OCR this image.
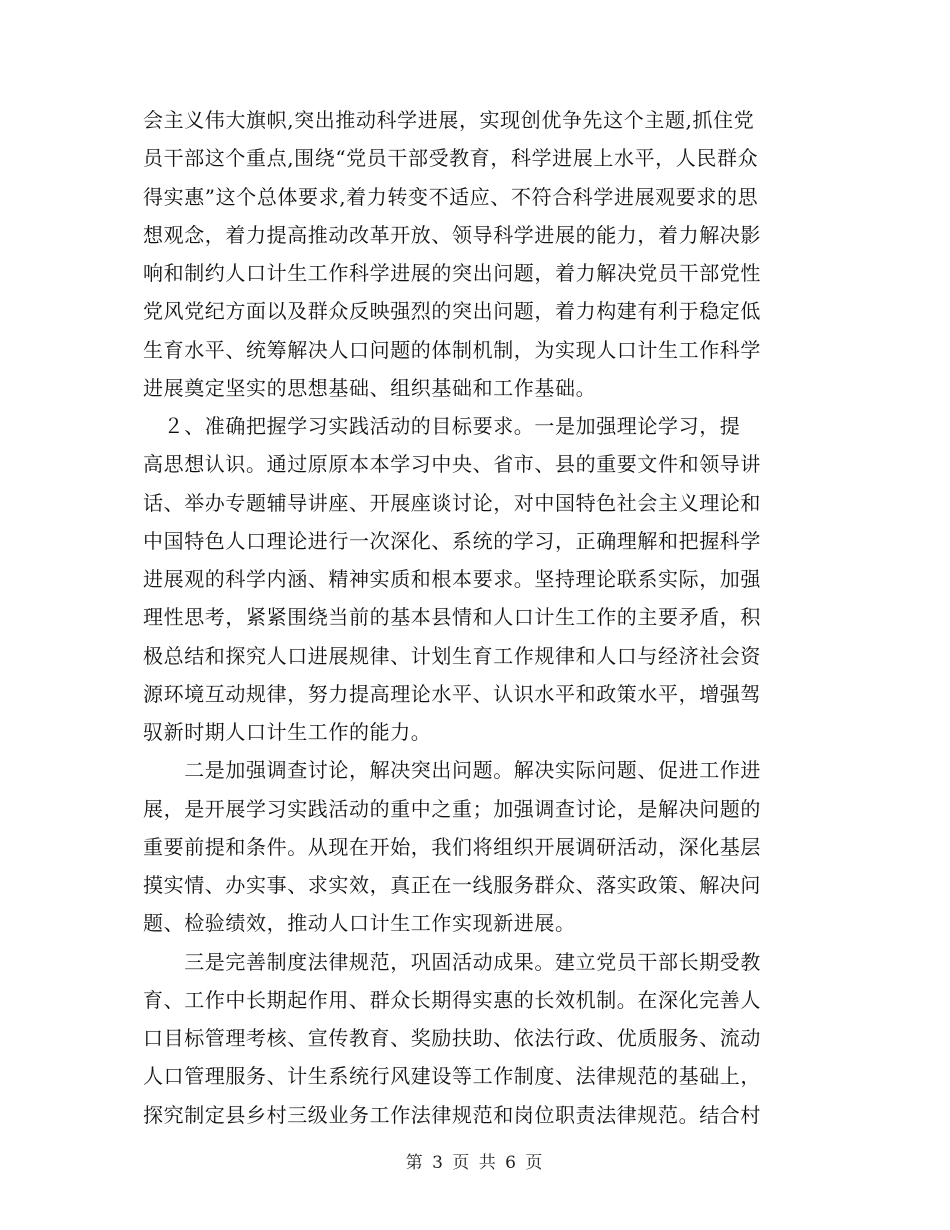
会主义伟大旗帜,突出推动科学进展，实现创优争先这个主题,抓住党
员干部这个重点,围绕“党员干部受教育，科学进展上水平，人民群众
得实惠”这个总体要求,着力转变不适应、不符合科学进展观要求的思
想观念，着力提高推动改革开放、领导科学进展的能力，着力解决影
响和制约人口计生工作科学进展的突出问题，着力解决党员干部党性
党风党纪方面以及群众反映强烈的突出问题，着力构建有利于稳定低
生育水平、统筹解决人口问题的体制机制，为实现人口计生工作科学
进展奠定坚实的思想基础、组织基础和工作基础。
　２、准确把握学习实践活动的目标要求。一是加强理论学习，提
高思想认识。通过原原本本学习中央、省市、县的重要文件和领导讲
话、举办专题辅导讲座、开展座谈讨论，对中国特色社会主义理论和
中国特色人口理论进行一次深化、系统的学习，正确理解和把握科学
进展观的科学内涵、精神实质和根本要求。坚持理论联系实际，加强
理性思考，紧紧围绕当前的基本县情和人口计生工作的主要矛盾，积
极总结和探究人口进展规律、计划生育工作规律和人口与经济社会资
源环境互动规律，努力提高理论水平、认识水平和政策水平，增强驾
驭新时期人口计生工作的能力。
　　二是加强调查讨论，解决突出问题。解决实际问题、促进工作进
展，是开展学习实践活动的重中之重；加强调查讨论，是解决问题的
重要前提和条件。从现在开始，我们将组织开展调研活动，深化基层
摸实情、办实事、求实效，真正在一线服务群众、落实政策、解决问
题、检验绩效，推动人口计生工作实现新进展。
　　三是完善制度法律规范，巩固活动成果。建立党员干部长期受教
育、工作中长期起作用、群众长期得实惠的长效机制。在深化完善人
口目标管理考核、宣传教育、奖励扶助、依法行政、优质服务、流动
人口管理服务、计生系统行风建设等工作制度、法律规范的基础上，
探究制定县乡村三级业务工作法律规范和岗位职责法律规范。结合村
第 3 页 共 6 页
